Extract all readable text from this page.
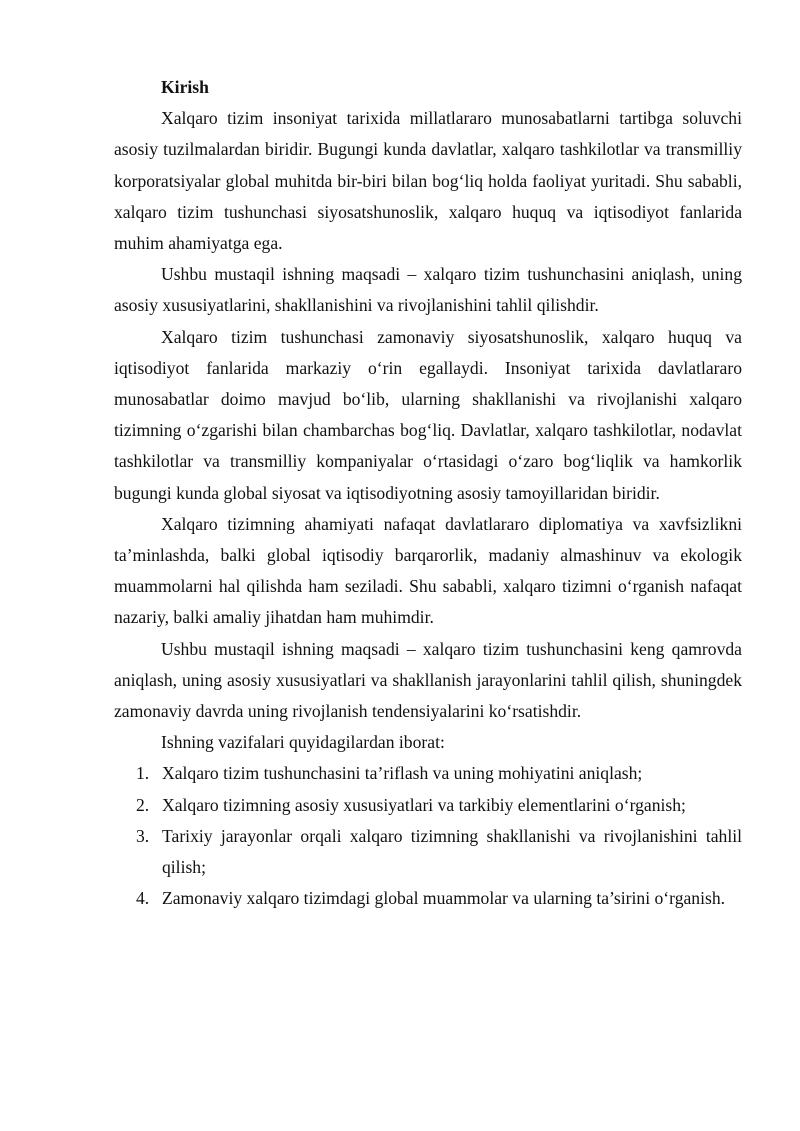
Kirish

Xalqaro tizim insoniyat tarixida millatlararo munosabatlarni tartibga soluvchi asosiy tuzilmalardan biridir. Bugungi kunda davlatlar, xalqaro tashkilotlar va transmilliy korporatsiyalar global muhitda bir-biri bilan bog‘liq holda faoliyat yuritadi. Shu sababli, xalqaro tizim tushunchasi siyosatshunoslik, xalqaro huquq va iqtisodiyot fanlarida muhim ahamiyatga ega.

Ushbu mustaqil ishning maqsadi – xalqaro tizim tushunchasini aniqlash, uning asosiy xususiyatlarini, shakllanishini va rivojlanishini tahlil qilishdir.

Xalqaro tizim tushunchasi zamonaviy siyosatshunoslik, xalqaro huquq va iqtisodiyot fanlarida markaziy o‘rin egallaydi. Insoniyat tarixida davlatlararo munosabatlar doimo mavjud bo‘lib, ularning shakllanishi va rivojlanishi xalqaro tizimning o‘zgarishi bilan chambarchas bog‘liq. Davlatlar, xalqaro tashkilotlar, nodavlat tashkilotlar va transmilliy kompaniyalar o‘rtasidagi o‘zaro bog‘liqlik va hamkorlik bugungi kunda global siyosat va iqtisodiyotning asosiy tamoyillaridan biridir.

Xalqaro tizimning ahamiyati nafaqat davlatlararo diplomatiya va xavfsizlikni ta’minlashda, balki global iqtisodiy barqarorlik, madaniy almashinuv va ekologik muammolarni hal qilishda ham seziladi. Shu sababli, xalqaro tizimni o‘rganish nafaqat nazariy, balki amaliy jihatdan ham muhimdir.

Ushbu mustaqil ishning maqsadi – xalqaro tizim tushunchasini keng qamrovda aniqlash, uning asosiy xususiyatlari va shakllanish jarayonlarini tahlil qilish, shuningdek zamonaviy davrda uning rivojlanish tendensiyalarini ko‘rsatishdir.

Ishning vazifalari quyidagilardan iborat:

1. Xalqaro tizim tushunchasini ta’riflash va uning mohiyatini aniqlash;
2. Xalqaro tizimning asosiy xususiyatlari va tarkibiy elementlarini o‘rganish;
3. Tarixiy jarayonlar orqali xalqaro tizimning shakllanishi va rivojlanishini tahlil qilish;
4. Zamonaviy xalqaro tizimdagi global muammolar va ularning ta’sirini o‘rganish.
